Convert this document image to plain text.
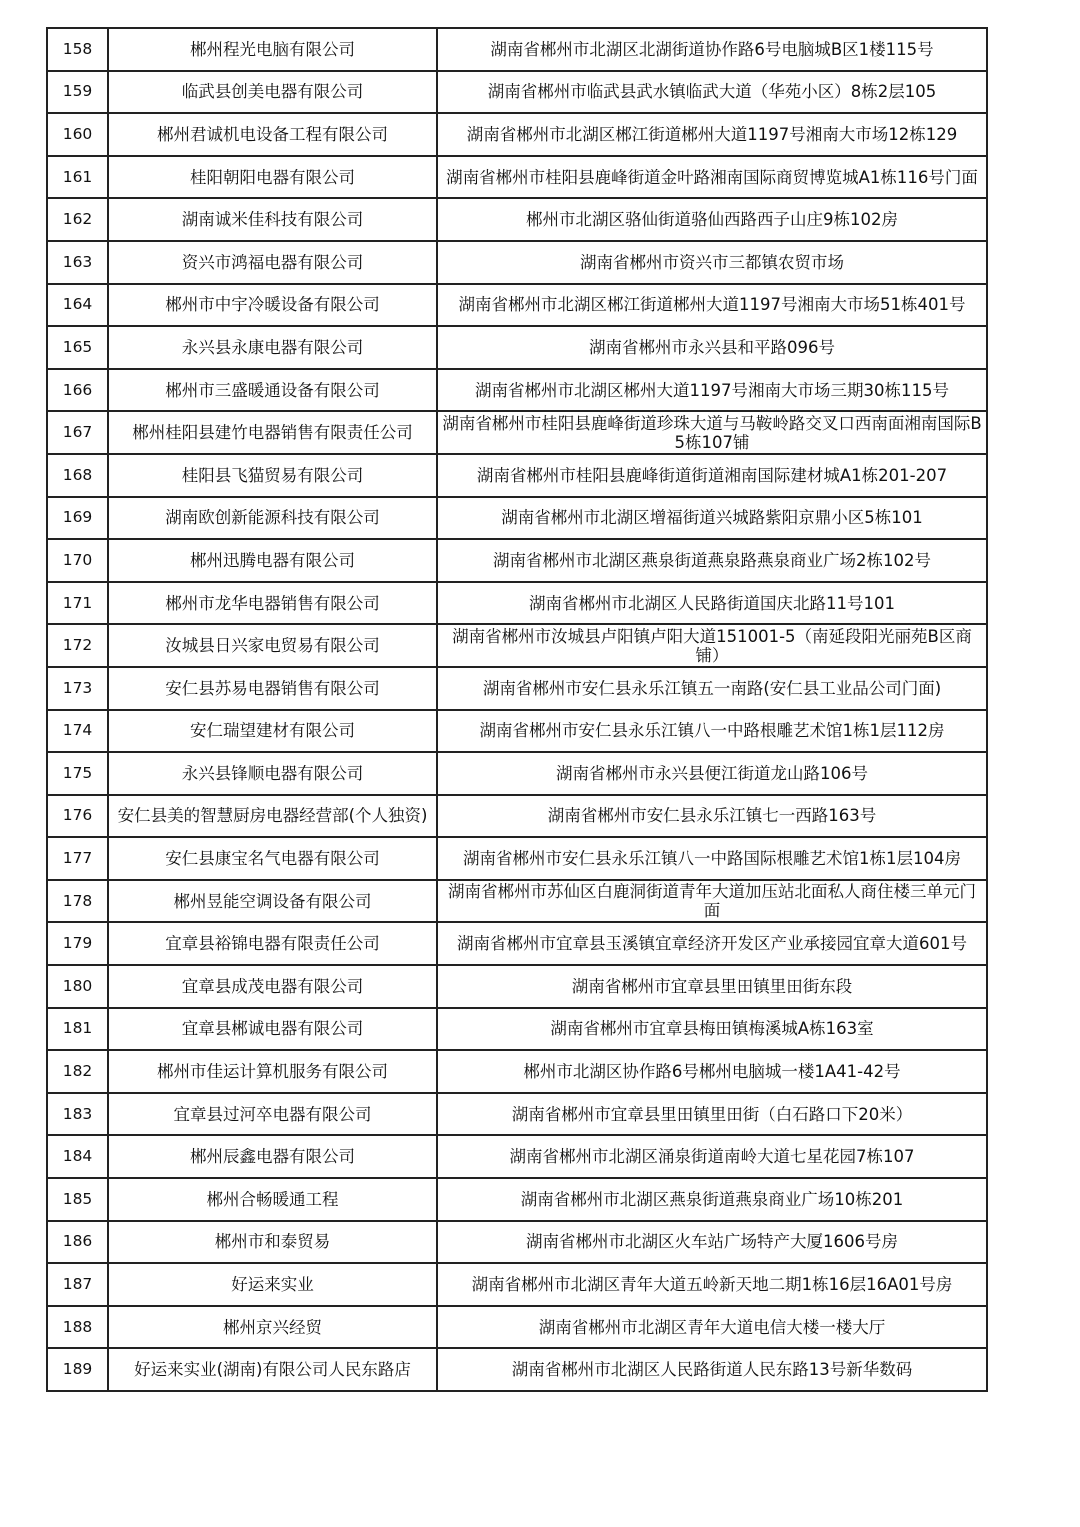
158	郴州程光电脑有限公司	湖南省郴州市北湖区北湖街道协作路6号电脑城B区1楼115号
159	临武县创美电器有限公司	湖南省郴州市临武县武水镇临武大道（华苑小区）8栋2层105
160	郴州君诚机电设备工程有限公司	湖南省郴州市北湖区郴江街道郴州大道1197号湘南大市场12栋129
161	桂阳朝阳电器有限公司	湖南省郴州市桂阳县鹿峰街道金叶路湘南国际商贸博览城A1栋116号门面
162	湖南诚米佳科技有限公司	郴州市北湖区骆仙街道骆仙西路西子山庄9栋102房
163	资兴市鸿福电器有限公司	湖南省郴州市资兴市三都镇农贸市场
164	郴州市中宇冷暖设备有限公司	湖南省郴州市北湖区郴江街道郴州大道1197号湘南大市场51栋401号
165	永兴县永康电器有限公司	湖南省郴州市永兴县和平路096号
166	郴州市三盛暖通设备有限公司	湖南省郴州市北湖区郴州大道1197号湘南大市场三期30栋115号
167	郴州桂阳县建竹电器销售有限责任公司	湖南省郴州市桂阳县鹿峰街道珍珠大道与马鞍岭路交叉口西南面湘南国际B5栋107铺
168	桂阳县飞猫贸易有限公司	湖南省郴州市桂阳县鹿峰街道街道湘南国际建材城A1栋201-207
169	湖南欧创新能源科技有限公司	湖南省郴州市北湖区增福街道兴城路紫阳京鼎小区5栋101
170	郴州迅腾电器有限公司	湖南省郴州市北湖区燕泉街道燕泉路燕泉商业广场2栋102号
171	郴州市龙华电器销售有限公司	湖南省郴州市北湖区人民路街道国庆北路11号101
172	汝城县日兴家电贸易有限公司	湖南省郴州市汝城县卢阳镇卢阳大道151001-5（南延段阳光丽苑B区商铺）
173	安仁县苏易电器销售有限公司	湖南省郴州市安仁县永乐江镇五一南路(安仁县工业品公司门面)
174	安仁瑞望建材有限公司	湖南省郴州市安仁县永乐江镇八一中路根雕艺术馆1栋1层112房
175	永兴县锋顺电器有限公司	湖南省郴州市永兴县便江街道龙山路106号
176	安仁县美的智慧厨房电器经营部(个人独资)	湖南省郴州市安仁县永乐江镇七一西路163号
177	安仁县康宝名气电器有限公司	湖南省郴州市安仁县永乐江镇八一中路国际根雕艺术馆1栋1层104房
178	郴州昱能空调设备有限公司	湖南省郴州市苏仙区白鹿洞街道青年大道加压站北面私人商住楼三单元门面
179	宜章县裕锦电器有限责任公司	湖南省郴州市宜章县玉溪镇宜章经济开发区产业承接园宜章大道601号
180	宜章县成茂电器有限公司	湖南省郴州市宜章县里田镇里田街东段
181	宜章县郴诚电器有限公司	湖南省郴州市宜章县梅田镇梅溪城A栋163室
182	郴州市佳运计算机服务有限公司	郴州市北湖区协作路6号郴州电脑城一楼1A41-42号
183	宜章县过河卒电器有限公司	湖南省郴州市宜章县里田镇里田街（白石路口下20米）
184	郴州辰鑫电器有限公司	湖南省郴州市北湖区涌泉街道南岭大道七星花园7栋107
185	郴州合畅暖通工程	湖南省郴州市北湖区燕泉街道燕泉商业广场10栋201
186	郴州市和泰贸易	湖南省郴州市北湖区火车站广场特产大厦1606号房
187	好运来实业	湖南省郴州市北湖区青年大道五岭新天地二期1栋16层16A01号房
188	郴州京兴经贸	湖南省郴州市北湖区青年大道电信大楼一楼大厅
189	好运来实业(湖南)有限公司人民东路店	湖南省郴州市北湖区人民路街道人民东路13号新华数码
